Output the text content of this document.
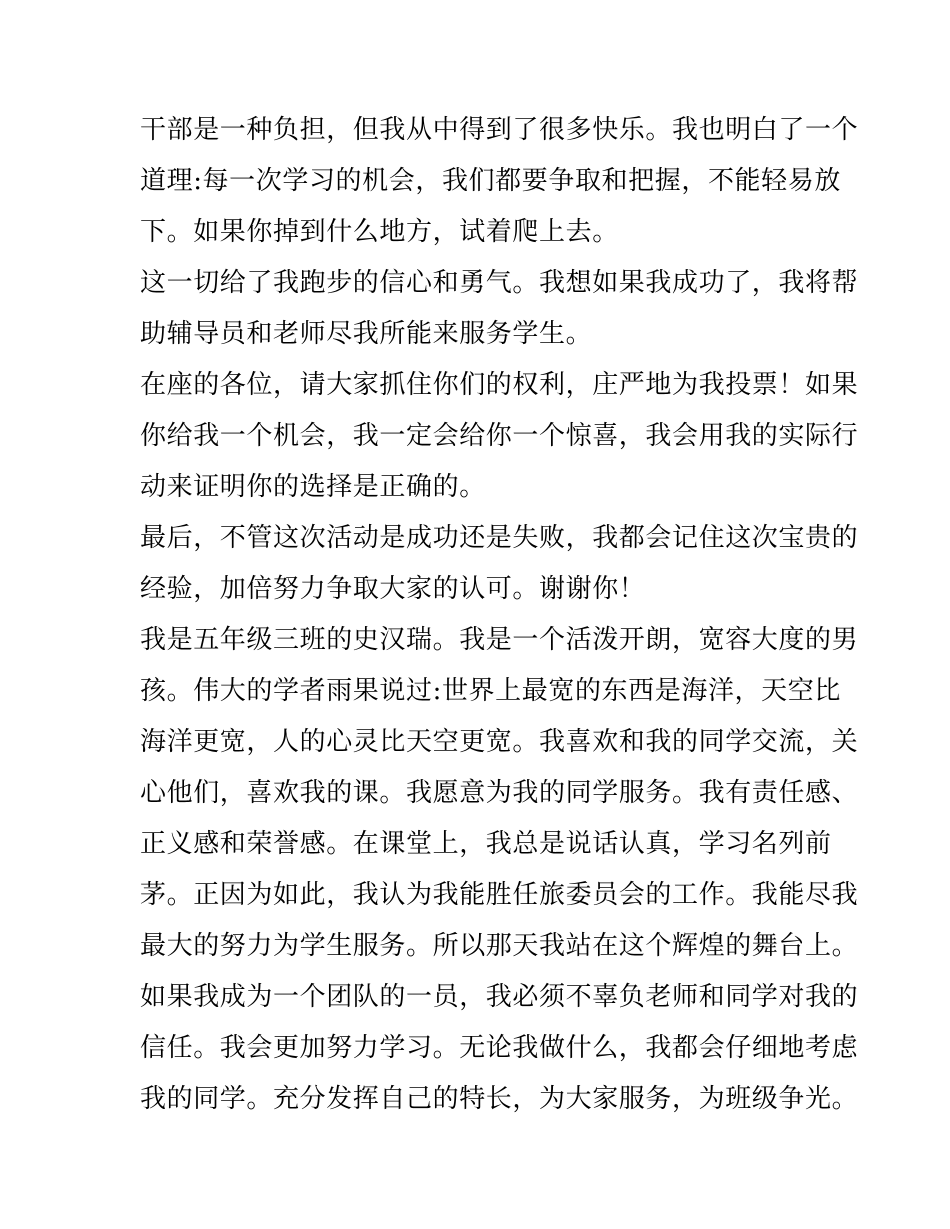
干部是一种负担，但我从中得到了很多快乐。我也明白了一个
道理:每一次学习的机会，我们都要争取和把握，不能轻易放
下。如果你掉到什么地方，试着爬上去。
这一切给了我跑步的信心和勇气。我想如果我成功了，我将帮
助辅导员和老师尽我所能来服务学生。
在座的各位，请大家抓住你们的权利，庄严地为我投票！如果
你给我一个机会，我一定会给你一个惊喜，我会用我的实际行
动来证明你的选择是正确的。
最后，不管这次活动是成功还是失败，我都会记住这次宝贵的
经验，加倍努力争取大家的认可。谢谢你！
我是五年级三班的史汉瑞。我是一个活泼开朗，宽容大度的男
孩。伟大的学者雨果说过:世界上最宽的东西是海洋，天空比
海洋更宽，人的心灵比天空更宽。我喜欢和我的同学交流，关
心他们，喜欢我的课。我愿意为我的同学服务。我有责任感、
正义感和荣誉感。在课堂上，我总是说话认真，学习名列前
茅。正因为如此，我认为我能胜任旅委员会的工作。我能尽我
最大的努力为学生服务。所以那天我站在这个辉煌的舞台上。
如果我成为一个团队的一员，我必须不辜负老师和同学对我的
信任。我会更加努力学习。无论我做什么，我都会仔细地考虑
我的同学。充分发挥自己的特长，为大家服务，为班级争光。
